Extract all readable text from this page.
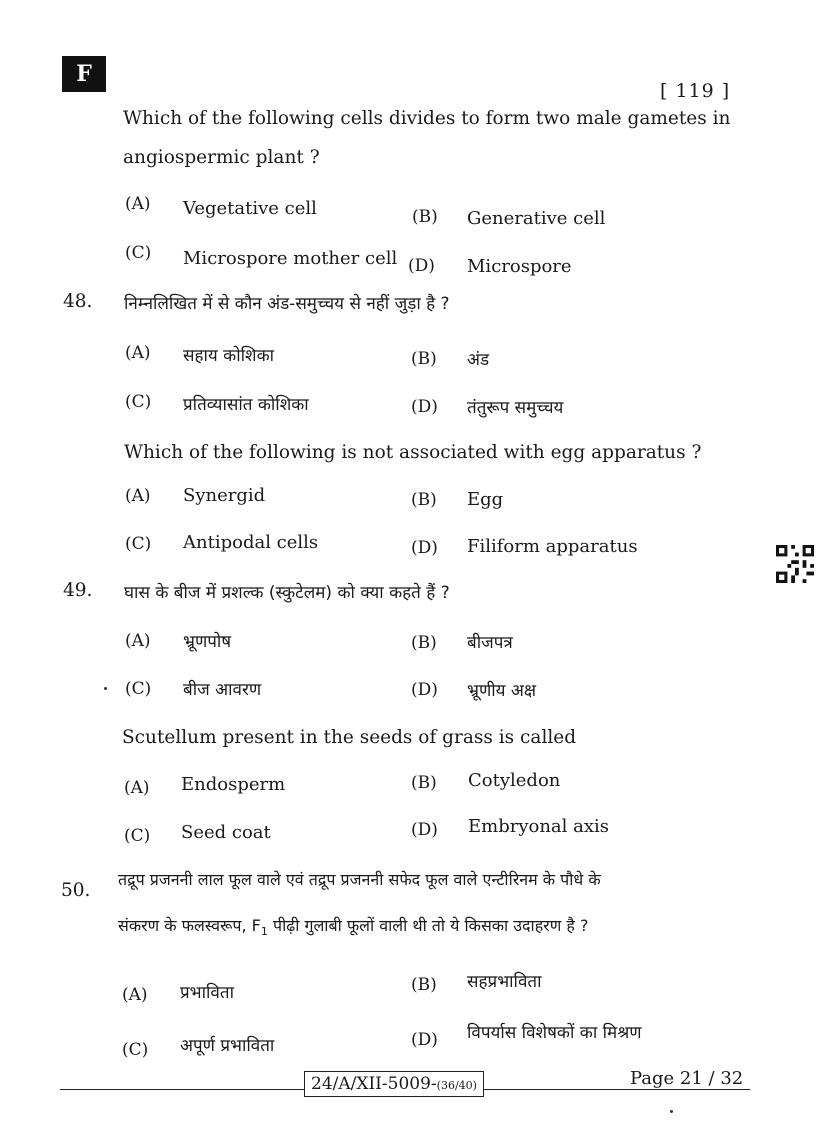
F
[ 119 ]
Which of the following cells divides to form two male gametes in
angiospermic plant ?
(A) Vegetative cell	(B) Generative cell
(C) Microspore mother cell (D) Microspore
48. निम्नलिखित में से कौन अंड-समुच्चय से नहीं जुड़ा है ?
(A) सहाय कोशिका	(B) अंड
(C) प्रतिव्यासांत कोशिका	(D) तंतुरूप समुच्चय
Which of the following is not associated with egg apparatus ?
(A) Synergid	(B) Egg
(C) Antipodal cells	(D) Filiform apparatus
49. घास के बीज में प्रशल्क (स्कुटेलम) को क्या कहते हैं ?
(A) भ्रूणपोष	(B) बीजपत्र
(C) बीज आवरण	(D) भ्रूणीय अक्ष
Scutellum present in the seeds of grass is called
(A) Endosperm	(B) Cotyledon
(C) Seed coat	(D) Embryonal axis
50.
तद्रूप प्रजननी लाल फूल वाले एवं तद्रूप प्रजननी सफेद फूल वाले एन्टीरिनम के पौधे के
संकरण के फलस्वरूप, $F_1$ पीढ़ी गुलाबी फूलों वाली थी तो ये किसका उदाहरण है ?
(A) प्रभाविता	(B) सहप्रभाविता
(C) अपूर्ण प्रभाविता	(D) विपर्यास विशेषकों का मिश्रण
24/A/XII-5009-(36/40)	Page 21 / 32
